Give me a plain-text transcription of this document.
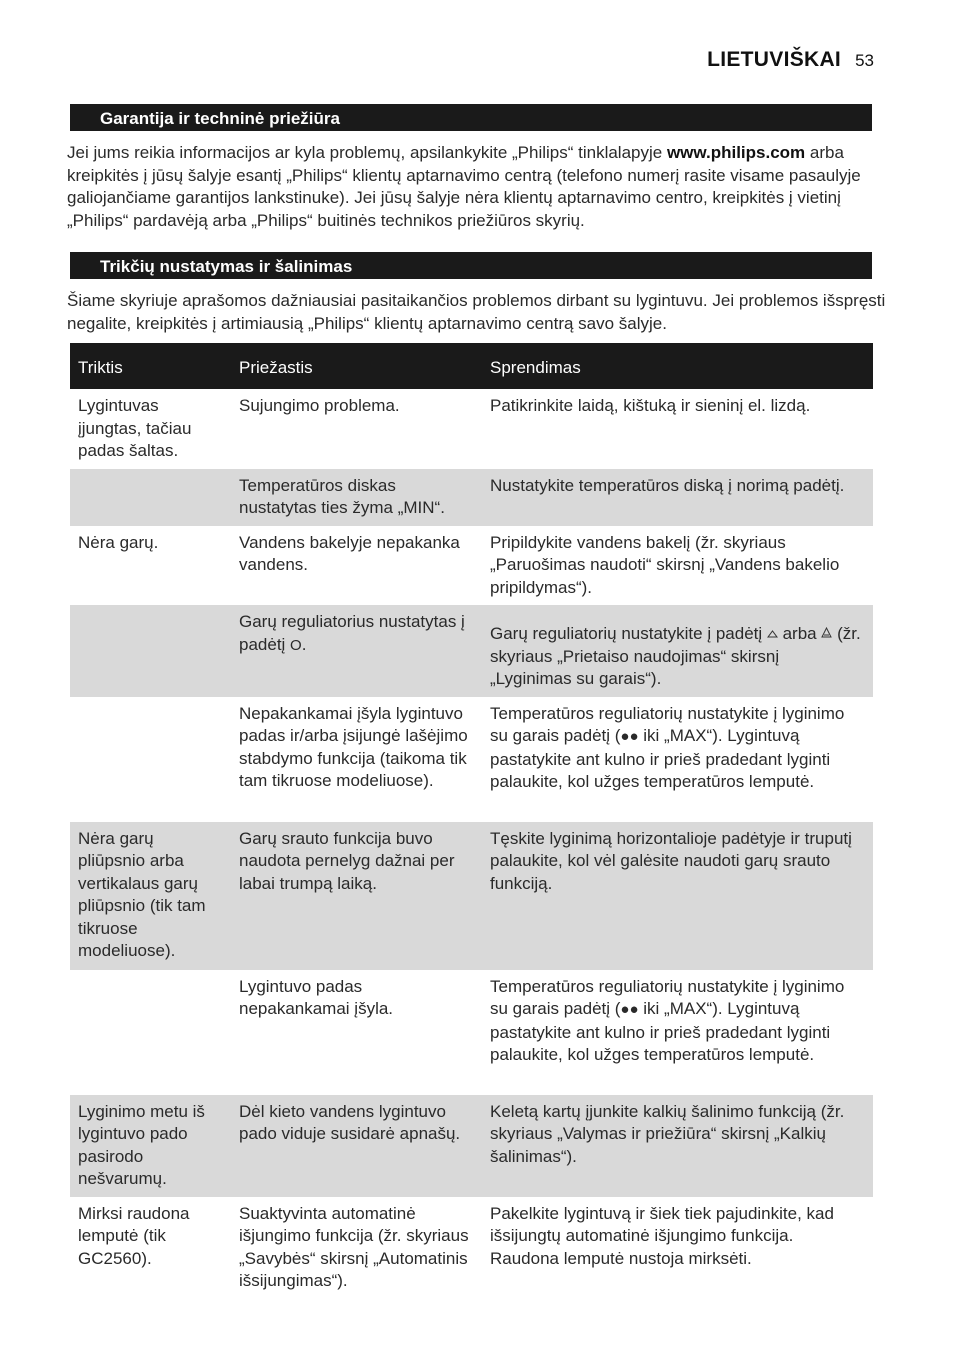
LIETUVIŠKAI 53
Garantija ir techninė priežiūra
Jei jums reikia informacijos ar kyla problemų, apsilankykite „Philips“ tinklalapyje www.philips.com arba kreipkitės į jūsų šalyje esantį „Philips“ klientų aptarnavimo centrą (telefono numerį rasite visame pasaulyje galiojančiame garantijos lankstinuke). Jei jūsų šalyje nėra klientų aptarnavimo centro, kreipkitės į vietinį „Philips“ pardavėją arba „Philips“ buitinės technikos priežiūros skyrių.
Trikčių nustatymas ir šalinimas
Šiame skyriuje aprašomos dažniausiai pasitaikančios problemos dirbant su lygintuvu. Jei problemos išspręsti negalite, kreipkitės į artimiausią „Philips“ klientų aptarnavimo centrą savo šalyje.
Triktis	Priežastis	Sprendimas
Lygintuvas įjungtas, tačiau padas šaltas.	Sujungimo problema.	Patikrinkite laidą, kištuką ir sieninį el. lizdą.
	Temperatūros diskas nustatytas ties žyma „MIN“.	Nustatykite temperatūros diską į norimą padėtį.
Nėra garų.	Vandens bakelyje nepakanka vandens.	Pripildykite vandens bakelį (žr. skyriaus „Paruošimas naudoti“ skirsnį „Vandens bakelio pripildymas“).
	Garų reguliatorius nustatytas į padėtį O.	Garų reguliatorių nustatykite į padėtį  arba  (žr. skyriaus „Prietaiso naudojimas“ skirsnį „Lyginimas su garais“).
	Nepakankamai įšyla lygintuvo padas ir/arba įsijungė lašėjimo stabdymo funkcija (taikoma tik tam tikruose modeliuose).	Temperatūros reguliatorių nustatykite į lyginimo su garais padėtį (●● iki „MAX“). Lygintuvą pastatykite ant kulno ir prieš pradedant lyginti palaukite, kol užges temperatūros lemputė.
Nėra garų pliūpsnio arba vertikalaus garų pliūpsnio (tik tam tikruose modeliuose).	Garų srauto funkcija buvo naudota pernelyg dažnai per labai trumpą laiką.	Tęskite lyginimą horizontalioje padėtyje ir truputį palaukite, kol vėl galėsite naudoti garų srauto funkciją.
	Lygintuvo padas nepakankamai įšyla.	Temperatūros reguliatorių nustatykite į lyginimo su garais padėtį (●● iki „MAX“). Lygintuvą pastatykite ant kulno ir prieš pradedant lyginti palaukite, kol užges temperatūros lemputė.
Lyginimo metu iš lygintuvo pado pasirodo nešvarumų.	Dėl kieto vandens lygintuvo pado viduje susidarė apnašų.	Keletą kartų įjunkite kalkių šalinimo funkciją (žr. skyriaus „Valymas ir priežiūra“ skirsnį „Kalkių šalinimas“).
Mirksi raudona lemputė (tik GC2560).	Suaktyvinta automatinė išjungimo funkcija (žr. skyriaus „Savybės“ skirsnį „Automatinis išsijungimas“).	Pakelkite lygintuvą ir šiek tiek pajudinkite, kad išsijungtų automatinė išjungimo funkcija. Raudona lemputė nustoja mirksėti.
